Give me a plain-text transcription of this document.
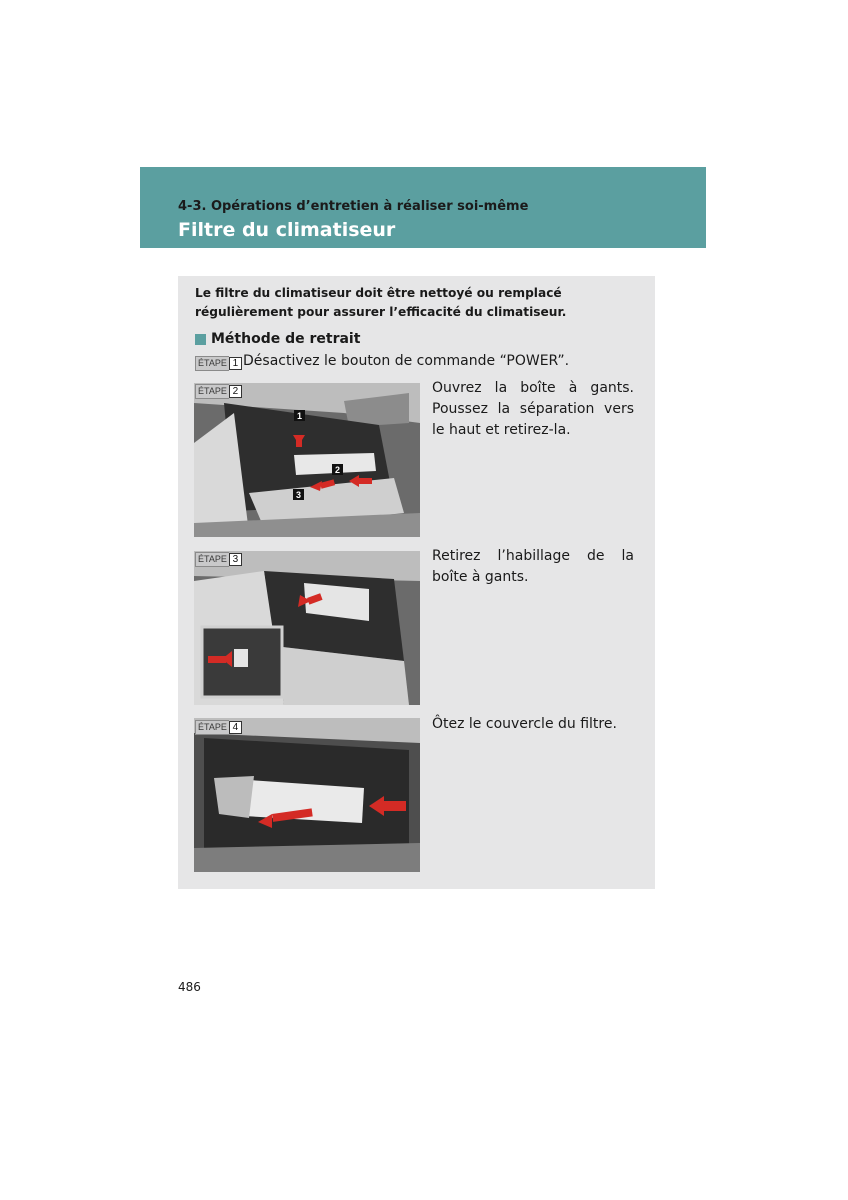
4-3. Opérations d’entretien à réaliser soi-même
Filtre du climatiseur
Le filtre du climatiseur doit être nettoyé ou remplacé régulièrement pour assurer l’efficacité du climatiseur.
Méthode de retrait
ÉTAPE 1 Désactivez le bouton de commande “POWER”.
1
2
3
ÉTAPE 2	Ouvrez la boîte à gants. Poussez la séparation vers le haut et retirez-la.
ÉTAPE 3	Retirez l’habillage de la boîte à gants.
ÉTAPE 4	Ôtez le couvercle du filtre.
486
